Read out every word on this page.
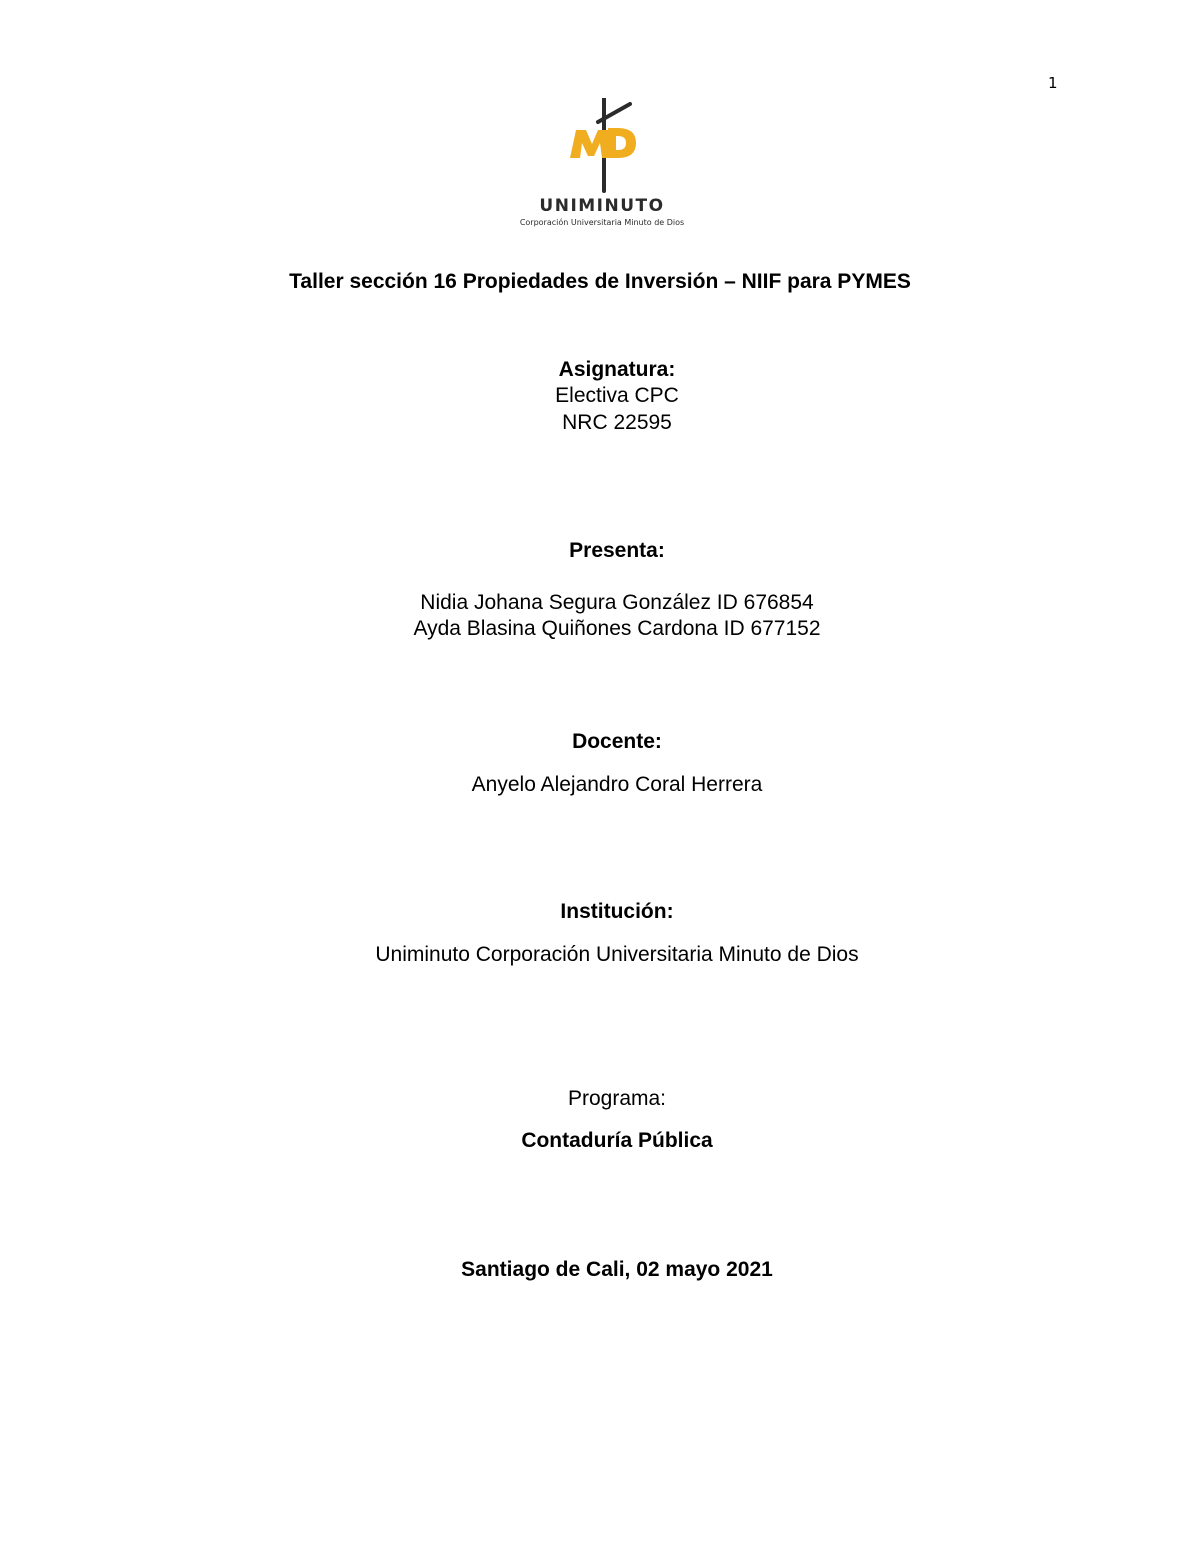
1
UNIMINUTO
Corporación Universitaria Minuto de Dios
Taller sección 16 Propiedades de Inversión – NIIF para PYMES
Asignatura:
Electiva CPC
NRC 22595
Presenta:
Nidia Johana Segura González ID 676854
Ayda Blasina Quiñones Cardona ID 677152
Docente:
Anyelo Alejandro Coral Herrera
Institución:
Uniminuto Corporación Universitaria Minuto de Dios
Programa:
Contaduría Pública
Santiago de Cali, 02 mayo 2021
